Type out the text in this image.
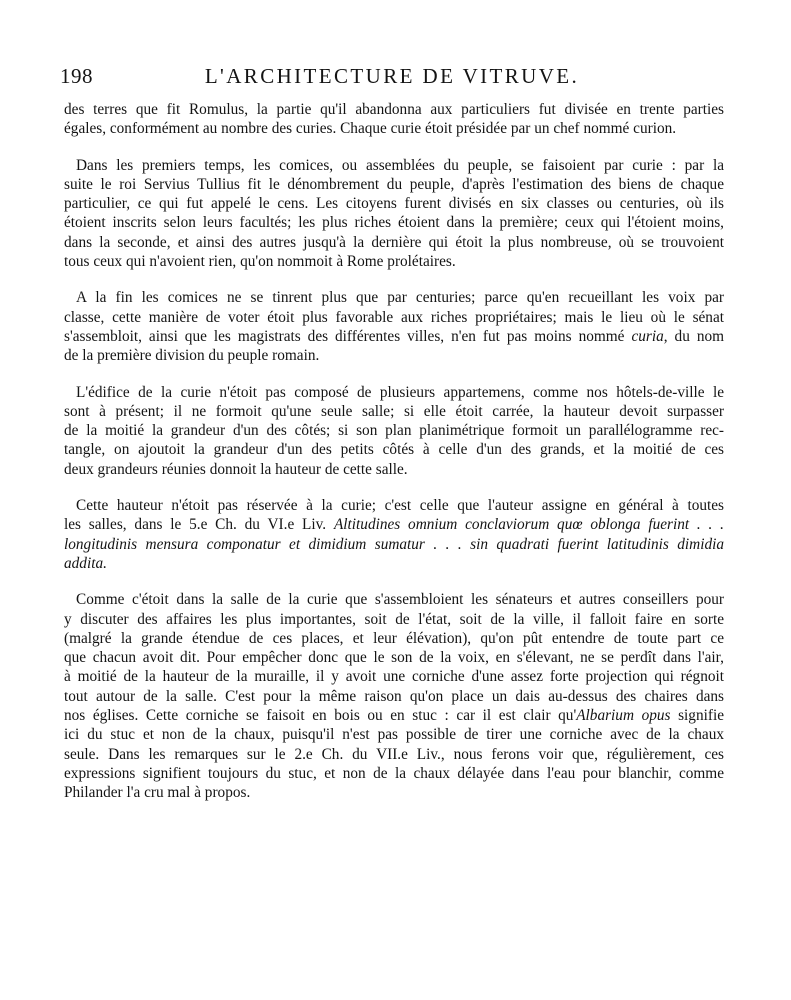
198	L'ARCHITECTURE DE VITRUVE.

des terres que fit Romulus, la partie qu'il abandonna aux particuliers fut divisée en trente parties
égales, conformément au nombre des curies. Chaque curie étoit présidée par un chef nommé curion.

Dans les premiers temps, les comices, ou assemblées du peuple, se faisoient par curie : par la
suite le roi Servius Tullius fit le dénombrement du peuple, d'après l'estimation des biens de chaque
particulier, ce qui fut appelé le cens. Les citoyens furent divisés en six classes ou centuries, où ils
étoient inscrits selon leurs facultés; les plus riches étoient dans la première; ceux qui l'étoient moins,
dans la seconde, et ainsi des autres jusqu'à la dernière qui étoit la plus nombreuse, où se trouvoient
tous ceux qui n'avoient rien, qu'on nommoit à Rome prolétaires.

A la fin les comices ne se tinrent plus que par centuries; parce qu'en recueillant les voix par
classe, cette manière de voter étoit plus favorable aux riches propriétaires; mais le lieu où le sénat
s'assembloit, ainsi que les magistrats des différentes villes, n'en fut pas moins nommé curia, du nom
de la première division du peuple romain.

L'édifice de la curie n'étoit pas composé de plusieurs appartemens, comme nos hôtels-de-ville le
sont à présent; il ne formoit qu'une seule salle; si elle étoit carrée, la hauteur devoit surpasser
de la moitié la grandeur d'un des côtés; si son plan planimétrique formoit un parallélogramme rec-
tangle, on ajoutoit la grandeur d'un des petits côtés à celle d'un des grands, et la moitié de ces
deux grandeurs réunies donnoit la hauteur de cette salle.

Cette hauteur n'étoit pas réservée à la curie; c'est celle que l'auteur assigne en général à toutes
les salles, dans le 5.e Ch. du VI.e Liv. Altitudines omnium conclaviorum quœ oblonga fuerint . . .
longitudinis mensura componatur et dimidium sumatur . . . sin quadrati fuerint latitudinis dimidia
addita.

Comme c'étoit dans la salle de la curie que s'assembloient les sénateurs et autres conseillers pour
y discuter des affaires les plus importantes, soit de l'état, soit de la ville, il falloit faire en sorte
(malgré la grande étendue de ces places, et leur élévation), qu'on pût entendre de toute part ce
que chacun avoit dit. Pour empêcher donc que le son de la voix, en s'élevant, ne se perdît dans l'air,
à moitié de la hauteur de la muraille, il y avoit une corniche d'une assez forte projection qui régnoit
tout autour de la salle. C'est pour la même raison qu'on place un dais au-dessus des chaires dans
nos églises. Cette corniche se faisoit en bois ou en stuc : car il est clair qu'Albarium opus signifie
ici du stuc et non de la chaux, puisqu'il n'est pas possible de tirer une corniche avec de la chaux
seule. Dans les remarques sur le 2.e Ch. du VII.e Liv., nous ferons voir que, régulièrement, ces
expressions signifient toujours du stuc, et non de la chaux délayée dans l'eau pour blanchir, comme
Philander l'a cru mal à propos.
